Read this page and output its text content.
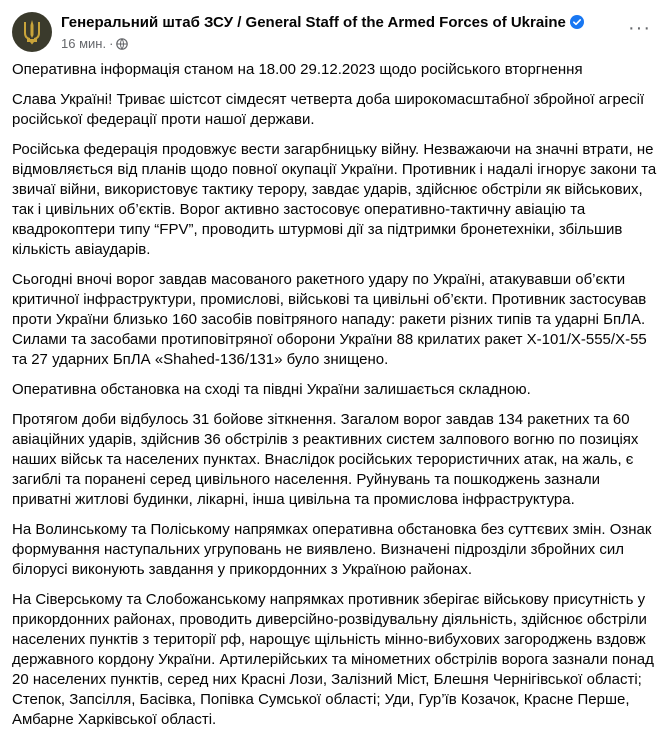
Генеральний штаб ЗСУ / General Staff of the Armed Forces of Ukraine
16 мин. ·
···

Оперативна інформація станом на 18.00 29.12.2023 щодо російського вторгнення

Слава Україні! Триває шістсот сімдесят четверта доба широкомасштабної збройної агресії російської федерації проти нашої держави.

Російська федерація продовжує вести загарбницьку війну. Незважаючи на значні втрати, не відмовляється від планів щодо повної окупації України. Противник і надалі ігнорує закони та звичаї війни, використовує тактику терору, завдає ударів, здійснює обстріли як військових, так і цивільних об’єктів. Ворог активно застосовує оперативно-тактичну авіацію та квадрокоптери типу “FPV”, проводить штурмові дії за підтримки бронетехніки, збільшив кількість авіаударів.

Сьогодні вночі ворог завдав масованого ракетного удару по Україні, атакувавши об’єкти критичної інфраструктури, промислові, військові та цивільні об’єкти. Противник застосував проти України близько 160 засобів повітряного нападу: ракети різних типів та ударні БпЛА. Силами та засобами протиповітряної оборони України 88 крилатих ракет Х-101/Х-555/Х-55 та 27 ударних БпЛА «Shahed-136/131» було знищено.

Оперативна обстановка на сході та півдні України залишається складною.

Протягом доби відбулось 31 бойове зіткнення. Загалом ворог завдав 134 ракетних та 60 авіаційних ударів, здійснив 36 обстрілів з реактивних систем залпового вогню по позиціях наших військ та населених пунктах. Внаслідок російських терористичних атак, на жаль, є загиблі та поранені серед цивільного населення. Руйнувань та пошкоджень зазнали приватні житлові будинки, лікарні, інша цивільна та промислова інфраструктура.

На Волинському та Поліському напрямках оперативна обстановка без суттєвих змін. Ознак формування наступальних угруповань не виявлено. Визначені підрозділи збройних сил білорусі виконують завдання у прикордонних з Україною районах.

На Сіверському та Слобожанському напрямках противник зберігає військову присутність у прикордонних районах, проводить диверсійно-розвідувальну діяльність, здійснює обстріли населених пунктів з території рф, нарощує щільність мінно-вибухових загороджень вздовж державного кордону України. Артилерійських та мінометних обстрілів ворога зазнали понад 20 населених пунктів, серед них Красні Лози, Залізний Міст, Блешня Чернігівської області; Степок, Запсілля, Басівка, Попівка Сумської області; Уди, Гур’їв Козачок, Красне Перше, Амбарне Харківської області.
